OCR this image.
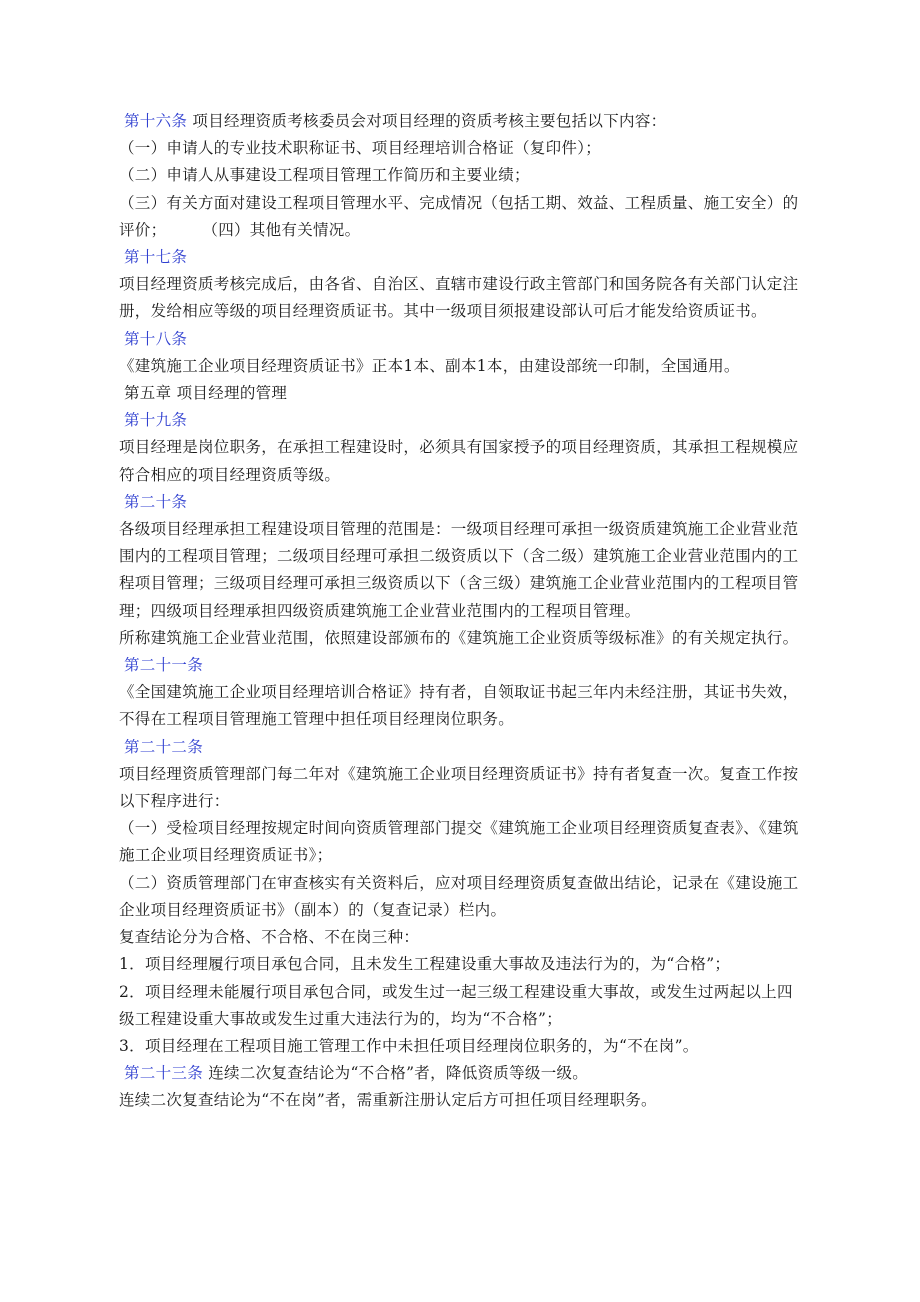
第十六条 项目经理资质考核委员会对项目经理的资质考核主要包括以下内容：

（一）申请人的专业技术职称证书、项目经理培训合格证（复印件）；

（二）申请人从事建设工程项目管理工作简历和主要业绩；

（三）有关方面对建设工程项目管理水平、完成情况（包括工期、效益、工程质量、施工安全）的评价； （四）其他有关情况。

第十七条

项目经理资质考核完成后，由各省、自治区、直辖市建设行政主管部门和国务院各有关部门认定注册，发给相应等级的项目经理资质证书。其中一级项目须报建设部认可后才能发给资质证书。

第十八条

《建筑施工企业项目经理资质证书》正本1本、副本1本，由建设部统一印制，全国通用。

第五章 项目经理的管理

第十九条

项目经理是岗位职务，在承担工程建设时，必须具有国家授予的项目经理资质，其承担工程规模应符合相应的项目经理资质等级。

第二十条

各级项目经理承担工程建设项目管理的范围是：一级项目经理可承担一级资质建筑施工企业营业范围内的工程项目管理；二级项目经理可承担二级资质以下（含二级）建筑施工企业营业范围内的工程项目管理；三级项目经理可承担三级资质以下（含三级）建筑施工企业营业范围内的工程项目管理；四级项目经理承担四级资质建筑施工企业营业范围内的工程项目管理。

所称建筑施工企业营业范围，依照建设部颁布的《建筑施工企业资质等级标准》的有关规定执行。

第二十一条

《全国建筑施工企业项目经理培训合格证》持有者，自领取证书起三年内未经注册，其证书失效，不得在工程项目管理施工管理中担任项目经理岗位职务。

第二十二条

项目经理资质管理部门每二年对《建筑施工企业项目经理资质证书》持有者复查一次。复查工作按以下程序进行：

（一）受检项目经理按规定时间向资质管理部门提交《建筑施工企业项目经理资质复查表》、《建筑施工企业项目经理资质证书》；

（二）资质管理部门在审查核实有关资料后，应对项目经理资质复查做出结论，记录在《建设施工企业项目经理资质证书》（副本）的（复查记录）栏内。

复查结论分为合格、不合格、不在岗三种：

1．项目经理履行项目承包合同，且未发生工程建设重大事故及违法行为的，为“合格”；

2．项目经理未能履行项目承包合同，或发生过一起三级工程建设重大事故，或发生过两起以上四级工程建设重大事故或发生过重大违法行为的，均为“不合格”；

3．项目经理在工程项目施工管理工作中未担任项目经理岗位职务的，为“不在岗”。

第二十三条 连续二次复查结论为“不合格”者，降低资质等级一级。

连续二次复查结论为“不在岗”者，需重新注册认定后方可担任项目经理职务。
